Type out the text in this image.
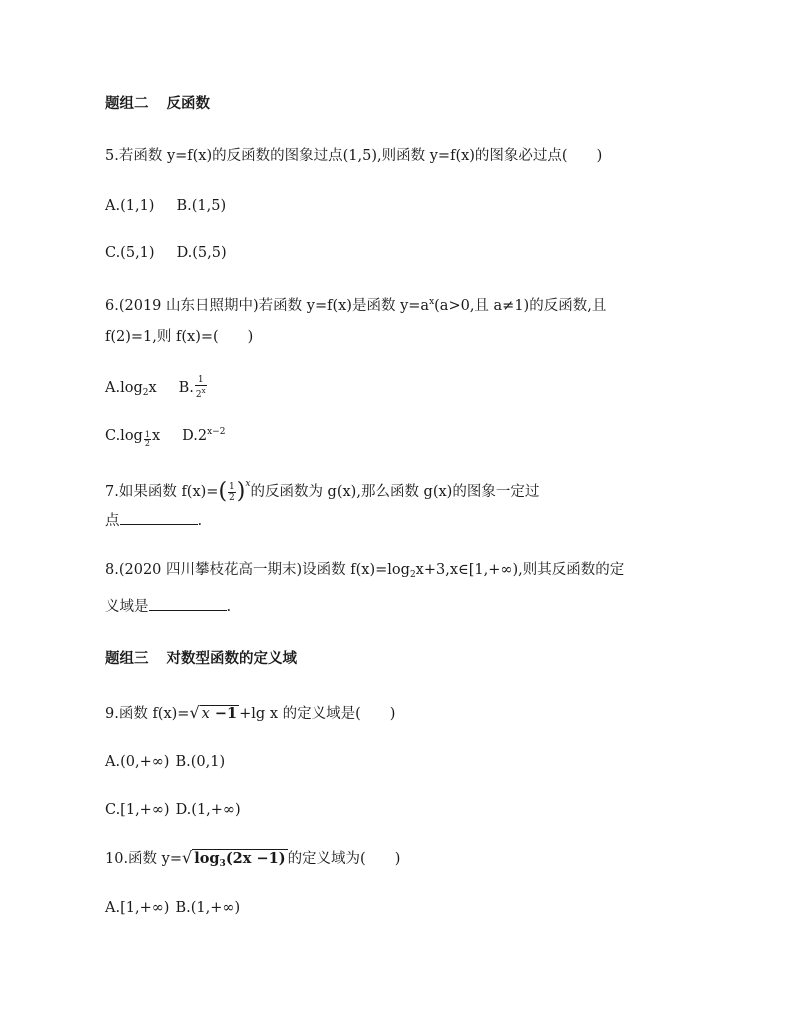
题组二 反函数
5.若函数 y=f(x)的反函数的图象过点(1,5),则函数 y=f(x)的图象必过点(　　)
A.(1,1) B.(1,5)
C.(5,1) D.(5,5)
6.(2019 山东日照期中)若函数 y=f(x)是函数 $y=a^x(a>0$,且 a≠1)的反函数,且
f(2)=1,则 f(x)=(　　)
$A.\log_2x$ B. $\frac{1}{2^x}$
$C.\log \frac{1}{2}$ x $D.2^{x-2}$
7.如果函数 $f(x)=( \frac{1}{2} )^x$的反函数为 g(x),那么函数 g(x)的图象一定过
点	.
8.(2020 四川攀枝花高一期末)设函数 $f(x)=\log_2x+3,x\in[1,+\infty)$,则其反函数的定
义域是	.
题组三 对数型函数的定义域
9.函数 f(x)=√ x −1 +lg x 的定义域是(　　)
A.(0,+∞) B.(0,1)
C.[1,+∞) D.(1,+∞)
10.函数 y=√ $\log_3(2x -1)$ 的定义域为(　　)
A.[1,+∞) B.(1,+∞)
